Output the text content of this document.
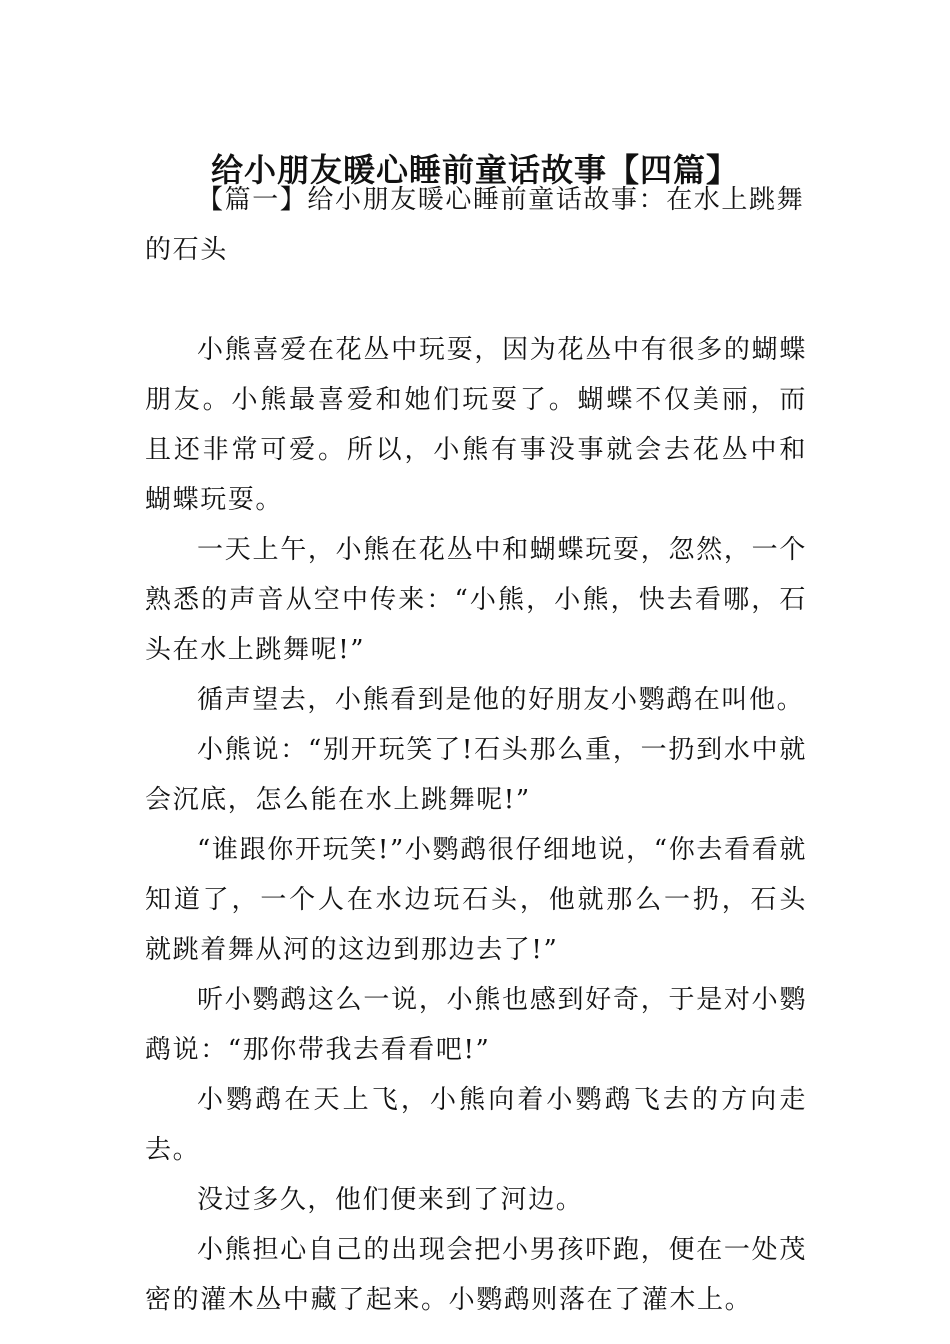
给小朋友暖心睡前童话故事【四篇】

【篇一】给小朋友暖心睡前童话故事：在水上跳舞的石头

小熊喜爱在花丛中玩耍，因为花丛中有很多的蝴蝶朋友。小熊最喜爱和她们玩耍了。蝴蝶不仅美丽，而且还非常可爱。所以，小熊有事没事就会去花丛中和蝴蝶玩耍。

一天上午，小熊在花丛中和蝴蝶玩耍，忽然，一个熟悉的声音从空中传来：“小熊，小熊，快去看哪，石头在水上跳舞呢!”

循声望去，小熊看到是他的好朋友小鹦鹉在叫他。

小熊说：“别开玩笑了!石头那么重，一扔到水中就会沉底，怎么能在水上跳舞呢!”

“谁跟你开玩笑!”小鹦鹉很仔细地说，“你去看看就知道了，一个人在水边玩石头，他就那么一扔，石头就跳着舞从河的这边到那边去了!”

听小鹦鹉这么一说，小熊也感到好奇，于是对小鹦鹉说：“那你带我去看看吧!”

小鹦鹉在天上飞，小熊向着小鹦鹉飞去的方向走去。

没过多久，他们便来到了河边。

小熊担心自己的出现会把小男孩吓跑，便在一处茂密的灌木丛中藏了起来。小鹦鹉则落在了灌木上。
